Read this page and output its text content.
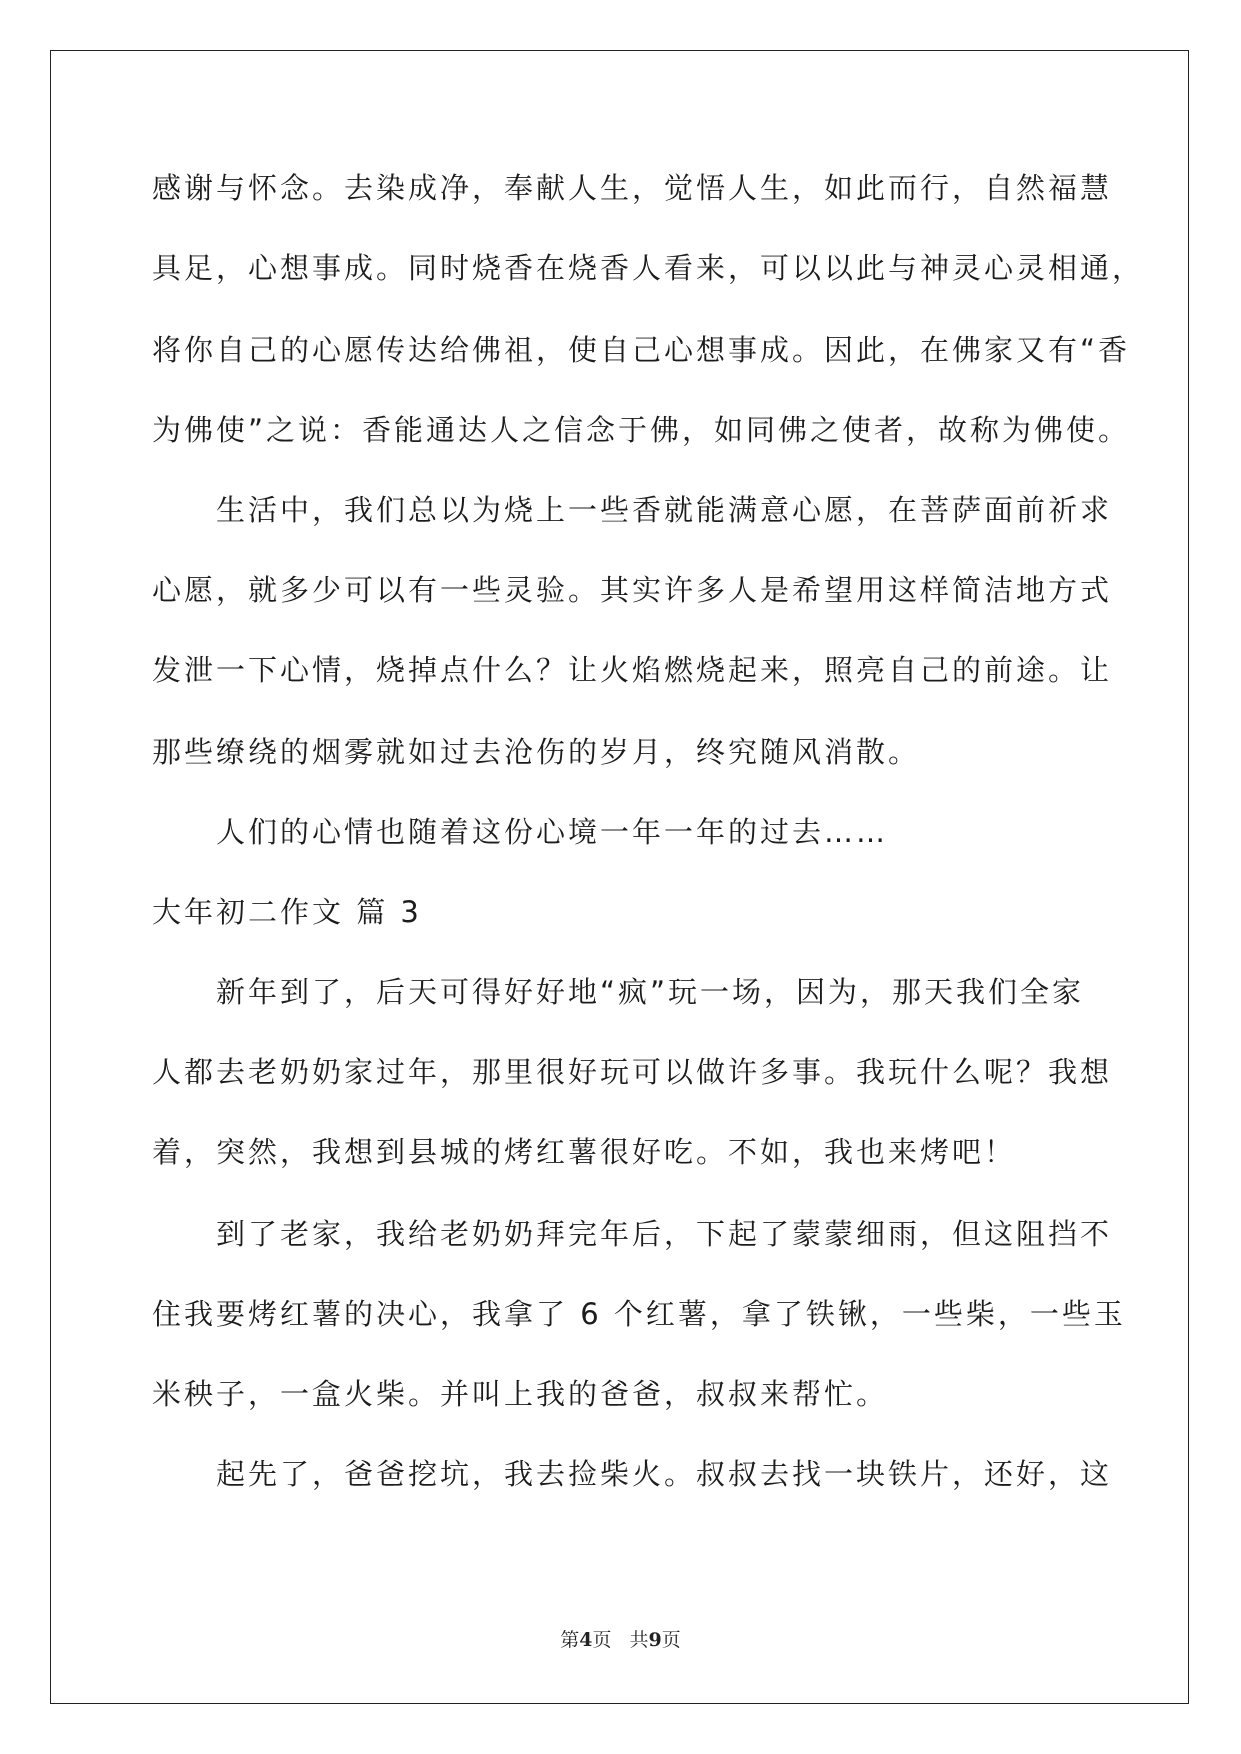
感谢与怀念。去染成净，奉献人生，觉悟人生，如此而行，自然福慧
具足，心想事成。同时烧香在烧香人看来，可以以此与神灵心灵相通，
将你自己的心愿传达给佛祖，使自己心想事成。因此，在佛家又有“香
为佛使”之说：香能通达人之信念于佛，如同佛之使者，故称为佛使。
生活中，我们总以为烧上一些香就能满意心愿，在菩萨面前祈求
心愿，就多少可以有一些灵验。其实许多人是希望用这样简洁地方式
发泄一下心情，烧掉点什么？让火焰燃烧起来，照亮自己的前途。让
那些缭绕的烟雾就如过去沧伤的岁月，终究随风消散。
人们的心情也随着这份心境一年一年的过去……
大年初二作文 篇 3
新年到了，后天可得好好地“疯”玩一场，因为，那天我们全家
人都去老奶奶家过年，那里很好玩可以做许多事。我玩什么呢？我想
着，突然，我想到县城的烤红薯很好吃。不如，我也来烤吧！
到了老家，我给老奶奶拜完年后，下起了蒙蒙细雨，但这阻挡不
住我要烤红薯的决心，我拿了 6 个红薯，拿了铁锹，一些柴，一些玉
米秧子，一盒火柴。并叫上我的爸爸，叔叔来帮忙。
起先了，爸爸挖坑，我去捡柴火。叔叔去找一块铁片，还好，这
第4页 共9页
